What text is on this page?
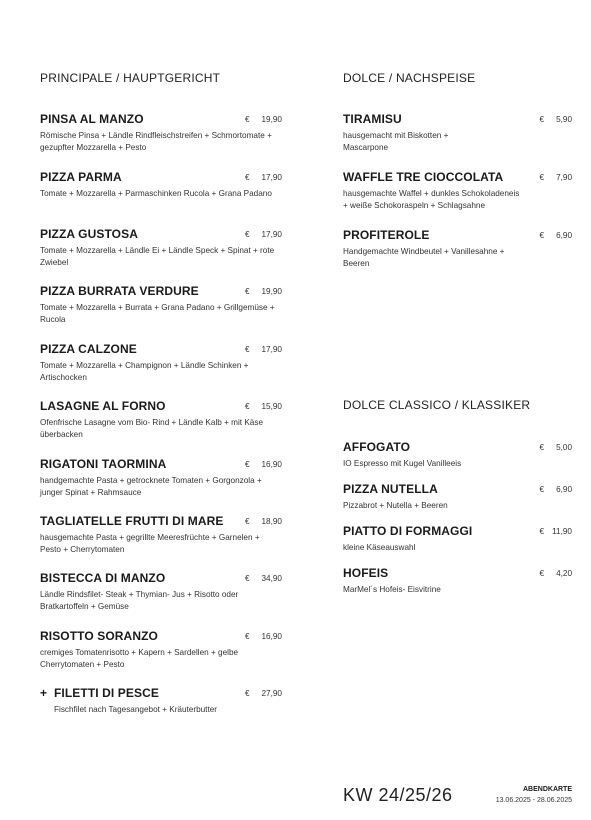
PRINCIPALE / HAUPTGERICHT
PINSA AL MANZO
Römische Pinsa + Ländle Rindfleischstreifen + Schmortomate + gezupfter Mozzarella + Pesto
€ 19,90
PIZZA PARMA
Tomate + Mozzarella + Parmaschinken Rucola + Grana Padano
€ 17,90
PIZZA GUSTOSA
Tomate + Mozzarella + Ländle Ei + Ländle Speck + Spinat + rote Zwiebel
€ 17,90
PIZZA BURRATA VERDURE
Tomate + Mozzarella + Burrata + Grana Padano + Grillgemüse + Rucola
€ 19,90
PIZZA CALZONE
Tomate + Mozzarella + Champignon + Ländle Schinken + Artischocken
€ 17,90
LASAGNE AL FORNO
Ofenfrische Lasagne vom Bio- Rind + Ländle Kalb + mit Käse überbacken
€ 15,90
RIGATONI TAORMINA
handgemachte Pasta + getrocknete Tomaten + Gorgonzola + junger Spinat + Rahmsauce
€ 16,90
TAGLIATELLE FRUTTI DI MARE
hausgemachte Pasta + gegrillte Meeresfrüchte + Garnelen + Pesto + Cherrytomaten
€ 18,90
BISTECCA DI MANZO
Ländle Rindsfilet- Steak + Thymian- Jus + Risotto oder Bratkartoffeln + Gemüse
€ 34,90
RISOTTO SORANZO
cremiges Tomatenrisotto + Kapern + Sardellen + gelbe Cherrytomaten + Pesto
€ 16,90
+ FILETTI DI PESCE
Fischfilet nach Tagesangebot + Kräuterbutter
€ 27,90
DOLCE / NACHSPEISE
TIRAMISU
hausgemacht mit Biskotten + Mascarpone
€ 5,90
WAFFLE TRE CIOCCOLATA
hausgemachte Waffel + dunkles Schokoladeneis + weiße Schokoraspeln + Schlagsahne
€ 7,90
PROFITEROLE
Handgemachte Windbeutel + Vanillesahne + Beeren
€ 6,90
DOLCE CLASSICO / KLASSIKER
AFFOGATO
IO Espresso mit Kugel Vanilleeis
€ 5,00
PIZZA NUTELLA
Pizzabrot + Nutella + Beeren
€ 6,90
PIATTO DI FORMAGGI
kleine Käseauswahl
€ 11,90
HOFEIS
MarMel´s Hofeis- Eisvitrine
€ 4,20
KW 24/25/26	ABENDKARTE
13.06.2025 - 28.06.2025
